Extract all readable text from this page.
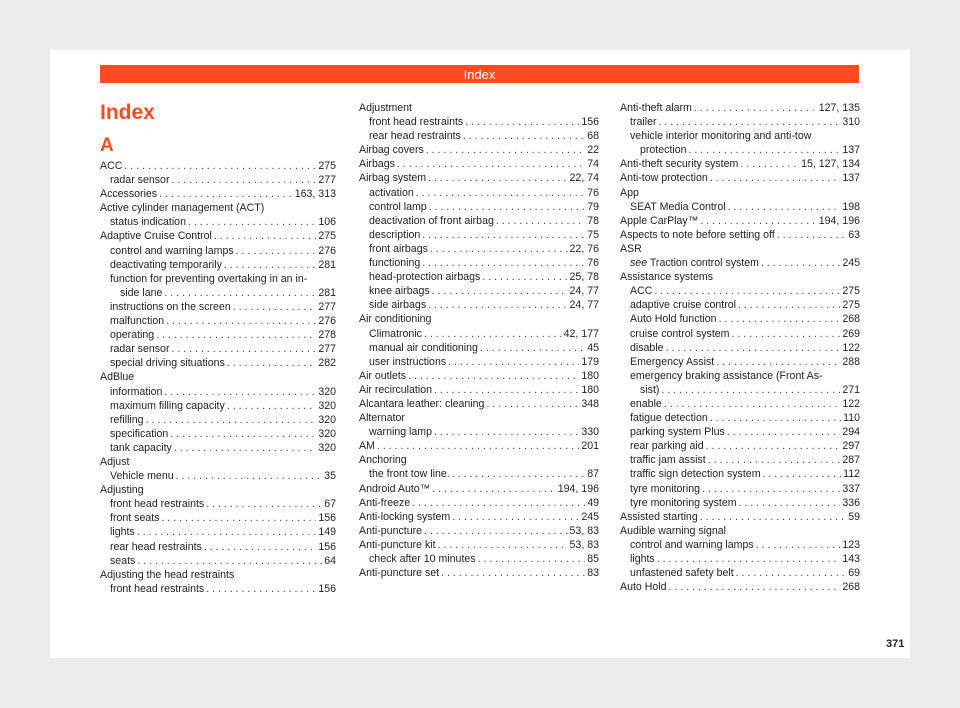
Index
Index
A
ACC . . .	275
radar sensor . . .	277
Accessories . . .	163, 313
Active cylinder management (ACT)
status indication . . .	106
Adaptive Cruise Control . . .	275
control and warning lamps . . .	276
deactivating temporarily . . .	281
function for preventing overtaking in an in-
side lane . . .	281
instructions on the screen . . .	277
malfunction . . .	276
operating . . .	278
radar sensor . . .	277
special driving situations . . .	282
AdBlue
information . . .	320
maximum filling capacity . . .	320
refilling . . .	320
specification . . .	320
tank capacity . . .	320
Adjust
Vehicle menu . . .	35
Adjusting
front head restraints . . .	67
front seats . . .	156
lights . . .	149
rear head restraints . . .	156
seats . . .	64
Adjusting the head restraints
front head restraints . . .	156
Adjustment
front head restraints . . .	156
rear head restraints . . .	68
Airbag covers . . .	22
Airbags . . .	74
Airbag system . . .	22, 74
activation . . .	76
control lamp . . .	79
deactivation of front airbag . . .	78
description . . .	75
front airbags . . .	22, 76
functioning . . .	76
head-protection airbags . . .	25, 78
knee airbags . . .	24, 77
side airbags . . .	24, 77
Air conditioning
Climatronic . . .	42, 177
manual air conditioning . . .	45
user instructions . . .	179
Air outlets . . .	180
Air recirculation . . .	180
Alcantara leather: cleaning . . .	348
Alternator
warning lamp . . .	330
AM . . .	201
Anchoring
the front tow line. . . .	87
Android Auto™ . . .	194, 196
Anti-freeze . . .	49
Anti-locking system . . .	245
Anti-puncture . . .	53, 83
Anti-puncture kit . . .	53, 83
check after 10 minutes . . .	85
Anti-puncture set . . .	83
Anti-theft alarm . . .	127, 135
trailer . . .	310
vehicle interior monitoring and anti-tow
protection . . .	137
Anti-theft security system . . .	15, 127, 134
Anti-tow protection . . .	137
App
SEAT Media Control . . .	198
Apple CarPlay™ . . .	194, 196
Aspects to note before setting off . . .	63
ASR
see Traction control system . . .	245
Assistance systems
ACC . . .	275
adaptive cruise control . . .	275
Auto Hold function . . .	268
cruise control system . . .	269
disable . . .	122
Emergency Assist . . .	288
emergency braking assistance (Front As-
sist) . . .	271
enable . . .	122
fatigue detection . . .	110
parking system Plus . . .	294
rear parking aid . . .	297
traffic jam assist . . .	287
traffic sign detection system . . .	112
tyre monitoring . . .	337
tyre monitoring system . . .	336
Assisted starting . . .	59
Audible warning signal
control and warning lamps . . .	123
lights . . .	143
unfastened safety belt . . .	69
Auto Hold . . .	268
371
